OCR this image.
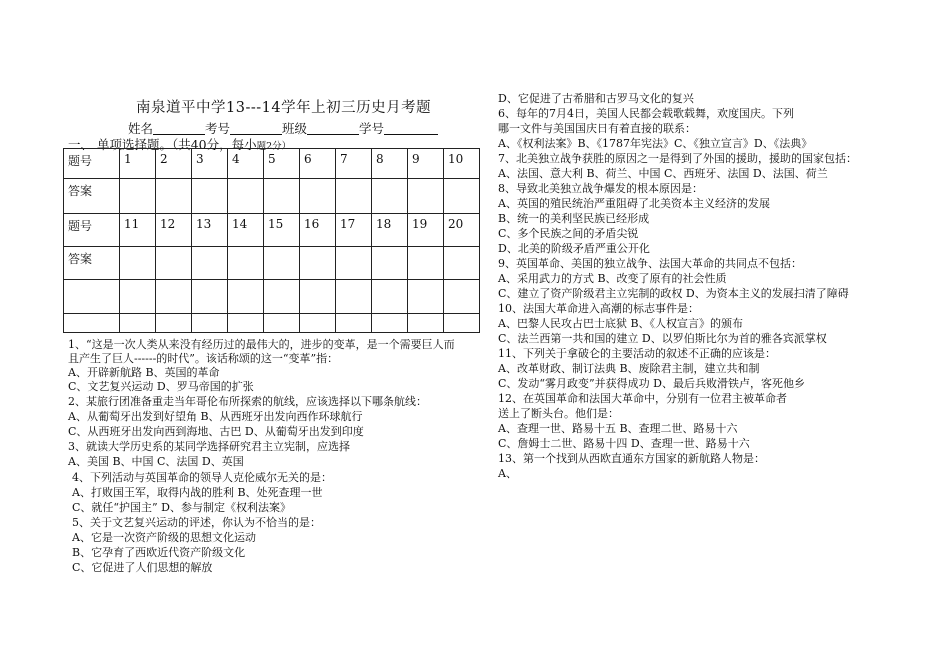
南泉道平中学13---14学年上初三历史月考题
姓名	考号	班级	学号
一、 单项选择题。（共40分，每小题2分）
题号	1	2	3	4	5	6	7	8	9	10

答案										

题号	11	12	13	14	15	16	17	18	19	20

答案										

1、“这是一次人类从来没有经历过的最伟大的，进步的变革，是一个需要巨人而
且产生了巨人------的时代”。该话称颂的这一“变革”指：
A、开辟新航路 B、英国的革命
C、文艺复兴运动 D、罗马帝国的扩张
2、某旅行团准备重走当年哥伦布所探索的航线，应该选择以下哪条航线：
A、从葡萄牙出发到好望角 B、从西班牙出发向西作环球航行
C、从西班牙出发向西到海地、古巴 D、从葡萄牙出发到印度
3、就读大学历史系的某同学选择研究君主立宪制，应选择
A、美国 B、中国 C、法国 D、英国
4、下列活动与英国革命的领导人克伦威尔无关的是：
A、打败国王军，取得内战的胜利 B、处死查理一世
C、就任“护国主” D、参与制定《权利法案》
5、关于文艺复兴运动的评述，你认为不恰当的是：
A、它是一次资产阶级的思想文化运动
B、它孕育了西欧近代资产阶级文化
C、它促进了人们思想的解放
D、它促进了古希腊和古罗马文化的复兴
6、每年的7月4日，美国人民都会载歌载舞，欢度国庆。下列
哪一文件与美国国庆日有着直接的联系：
A、《权利法案》B、《1787年宪法》C、《独立宣言》D、《法典》
7、北美独立战争获胜的原因之一是得到了外国的援助，援助的国家包括：
A、法国、意大利 B、荷兰、中国 C、西班牙、法国 D、法国、荷兰
8、导致北美独立战争爆发的根本原因是：
A、英国的殖民统治严重阻碍了北美资本主义经济的发展
B、统一的美利坚民族已经形成
C、多个民族之间的矛盾尖锐
D、北美的阶级矛盾严重公开化
9、英国革命、美国的独立战争、法国大革命的共同点不包括：
A、采用武力的方式 B、改变了原有的社会性质
C、建立了资产阶级君主立宪制的政权 D、为资本主义的发展扫清了障碍
10、法国大革命进入高潮的标志事件是：
A、巴黎人民攻占巴士底狱 B、《人权宣言》的颁布
C、法兰西第一共和国的建立 D、以罗伯斯比尔为首的雅各宾派掌权
11、下列关于拿破仑的主要活动的叙述不正确的应该是：
A、改革财政、制订法典 B、废除君主制，建立共和制
C、发动“雾月政变”并获得成功 D、最后兵败滑铁卢，客死他乡
12、在英国革命和法国大革命中，分别有一位君主被革命者
送上了断头台。他们是：
A、查理一世、路易十五 B、查理二世、路易十六
C、詹姆士二世、路易十四 D、查理一世、路易十六
13、第一个找到从西欧直通东方国家的新航路人物是：
A、
